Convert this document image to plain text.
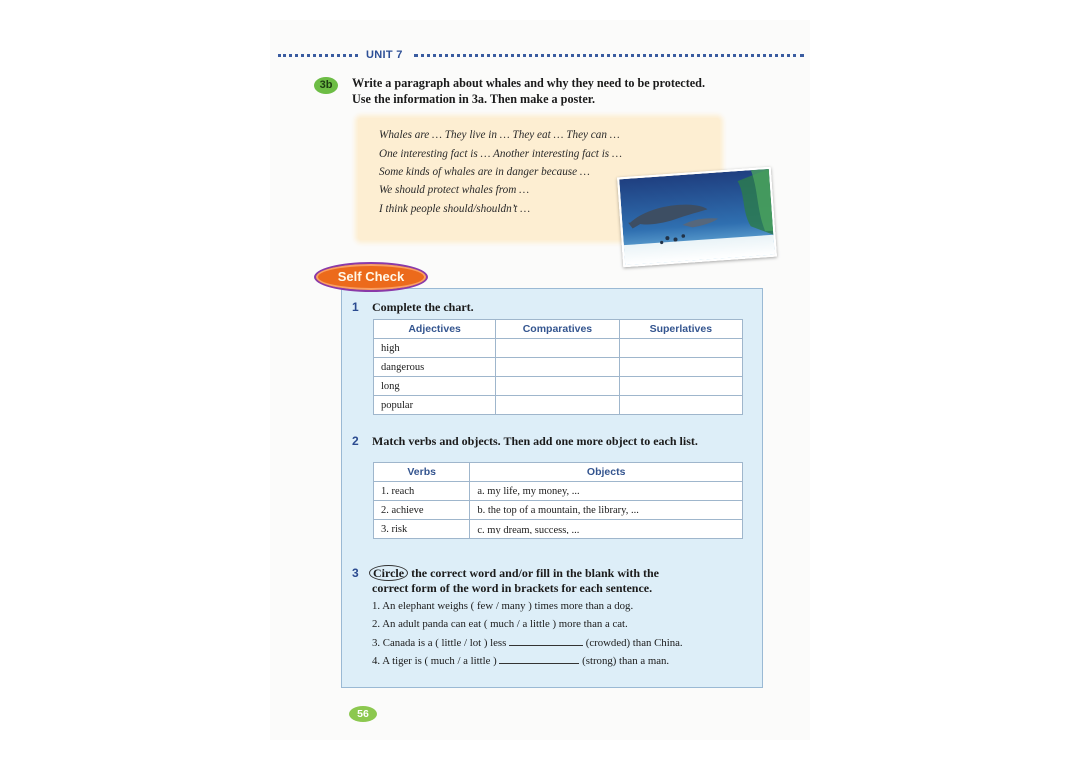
UNIT 7
3b	Write a paragraph about whales and why they need to be protected.
Use the information in 3a. Then make a poster.
Whales are … They live in … They eat … They can …
One interesting fact is … Another interesting fact is …
Some kinds of whales are in danger because …
We should protect whales from …
I think people should/shouldn’t …
Self Check
1 Complete the chart.
Adjectives	Comparatives	Superlatives
high		
dangerous		
long		
popular		
2 Match verbs and objects. Then add one more object to each list.
Verbs	Objects
1. reach	a. my life, my money, ...
2. achieve	b. the top of a mountain, the library, ...
3. risk	c. my dream, success, ...
3 Circle the correct word and/or fill in the blank with the
correct form of the word in brackets for each sentence.
1. An elephant weighs ( few / many ) times more than a dog.
2. An adult panda can eat ( much / a little ) more than a cat.
3. Canada is a ( little / lot ) less	(crowded) than China.
4. A tiger is ( much / a little )	(strong) than a man.
56
